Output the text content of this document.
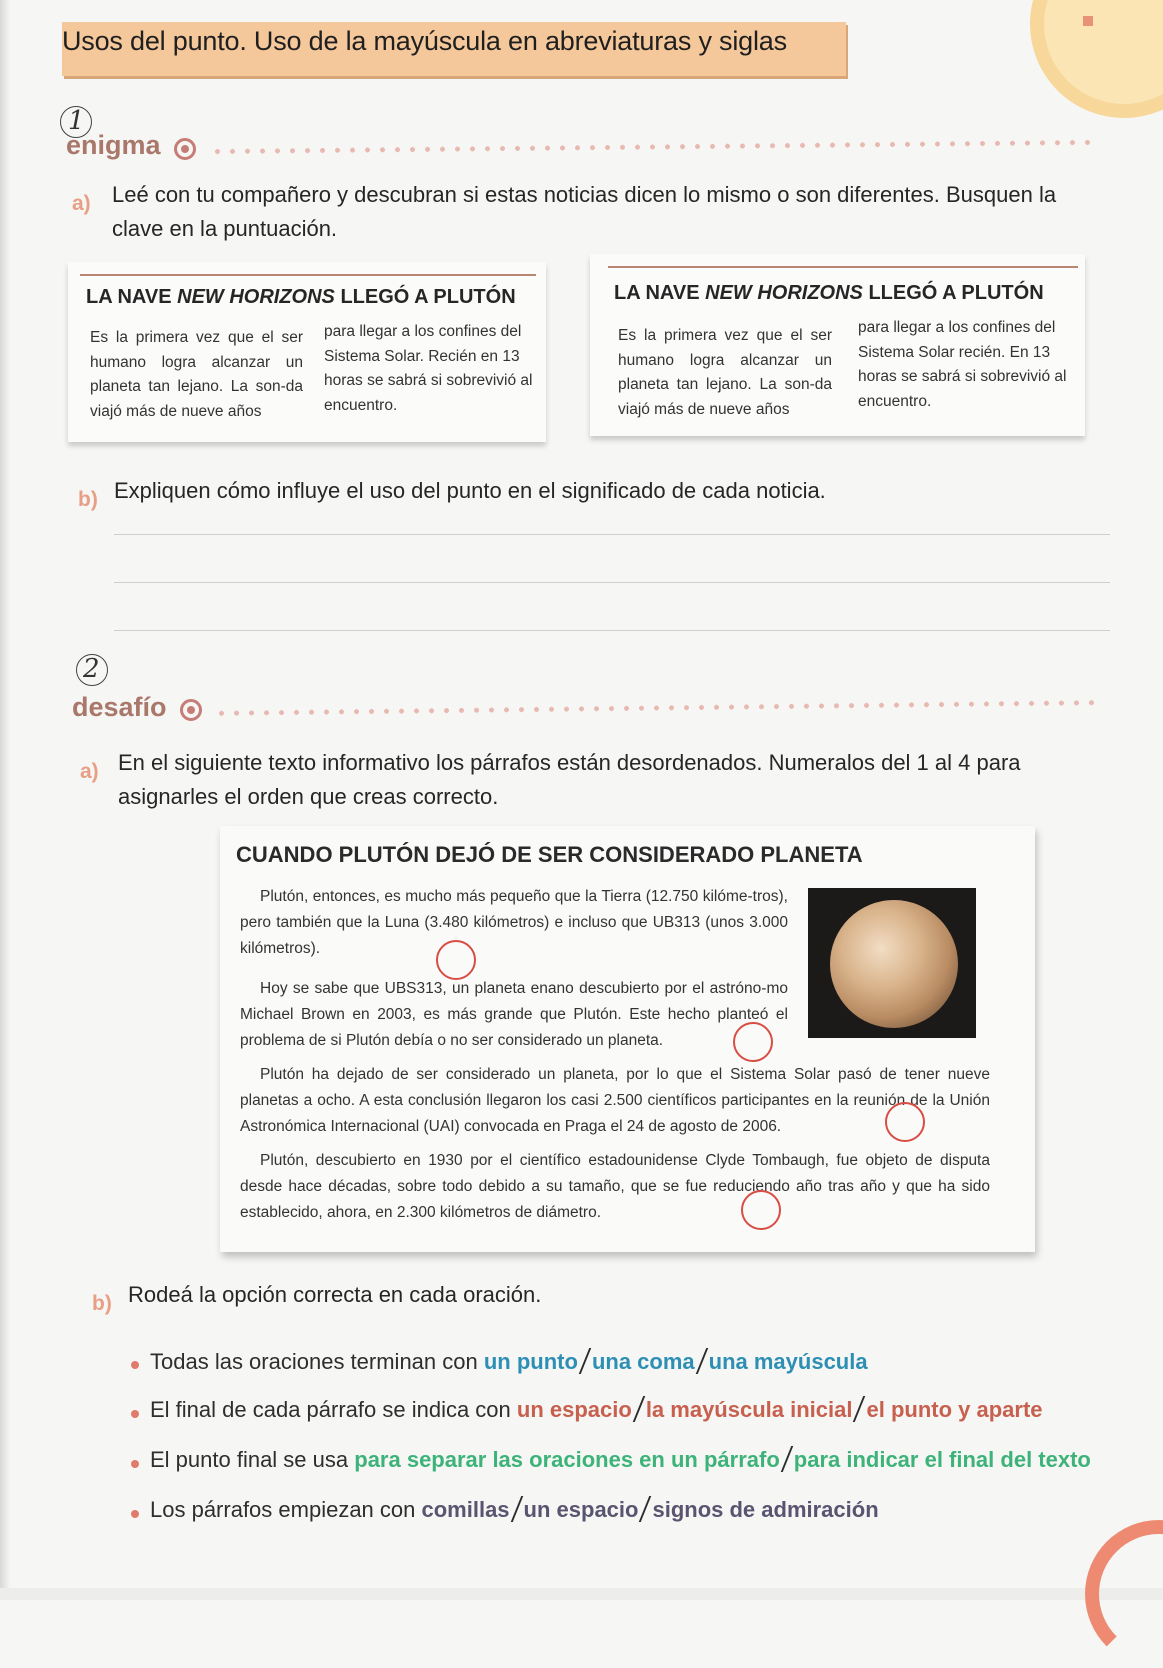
Usos del punto. Uso de la mayúscula en abreviaturas y siglas
1
enigma
a) Leé con tu compañero y descubran si estas noticias dicen lo mismo o son diferentes. Busquen la clave en la puntuación.
LA NAVE NEW HORIZONS LLEGÓ A PLUTÓN
Es la primera vez que el ser humano logra alcanzar un planeta tan lejano. La son-da viajó más de nueve años
para llegar a los confines del Sistema Solar. Recién en 13 horas se sabrá si sobrevivió al encuentro.
LA NAVE NEW HORIZONS LLEGÓ A PLUTÓN
Es la primera vez que el ser humano logra alcanzar un planeta tan lejano. La son-da viajó más de nueve años
para llegar a los confines del Sistema Solar recién. En 13 horas se sabrá si sobrevivió al encuentro.
b) Expliquen cómo influye el uso del punto en el significado de cada noticia.
2
desafío
a) En el siguiente texto informativo los párrafos están desordenados. Numeralos del 1 al 4 para asignarles el orden que creas correcto.
CUANDO PLUTÓN DEJÓ DE SER CONSIDERADO PLANETA
Plutón, entonces, es mucho más pequeño que la Tierra (12.750 kilóme-tros), pero también que la Luna (3.480 kilómetros) e incluso que UB313 (unos 3.000 kilómetros).
Hoy se sabe que UBS313, un planeta enano descubierto por el astróno-mo Michael Brown en 2003, es más grande que Plutón. Este hecho planteó el problema de si Plutón debía o no ser considerado un planeta.
Plutón ha dejado de ser considerado un planeta, por lo que el Sistema Solar pasó de tener nueve planetas a ocho. A esta conclusión llegaron los casi 2.500 científicos participantes en la reunión de la Unión Astronómica Internacional (UAI) convocada en Praga el 24 de agosto de 2006.
Plutón, descubierto en 1930 por el científico estadounidense Clyde Tombaugh, fue objeto de disputa desde hace décadas, sobre todo debido a su tamaño, que se fue reduciendo año tras año y que ha sido establecido, ahora, en 2.300 kilómetros de diámetro.
b) Rodeá la opción correcta en cada oración.
Todas las oraciones terminan con un punto una coma una mayúscula
El final de cada párrafo se indica con un espacio la mayúscula inicial el punto y aparte
El punto final se usa para separar las oraciones en un párrafo para indicar el final del texto
Los párrafos empiezan con comillas un espacio signos de admiración
